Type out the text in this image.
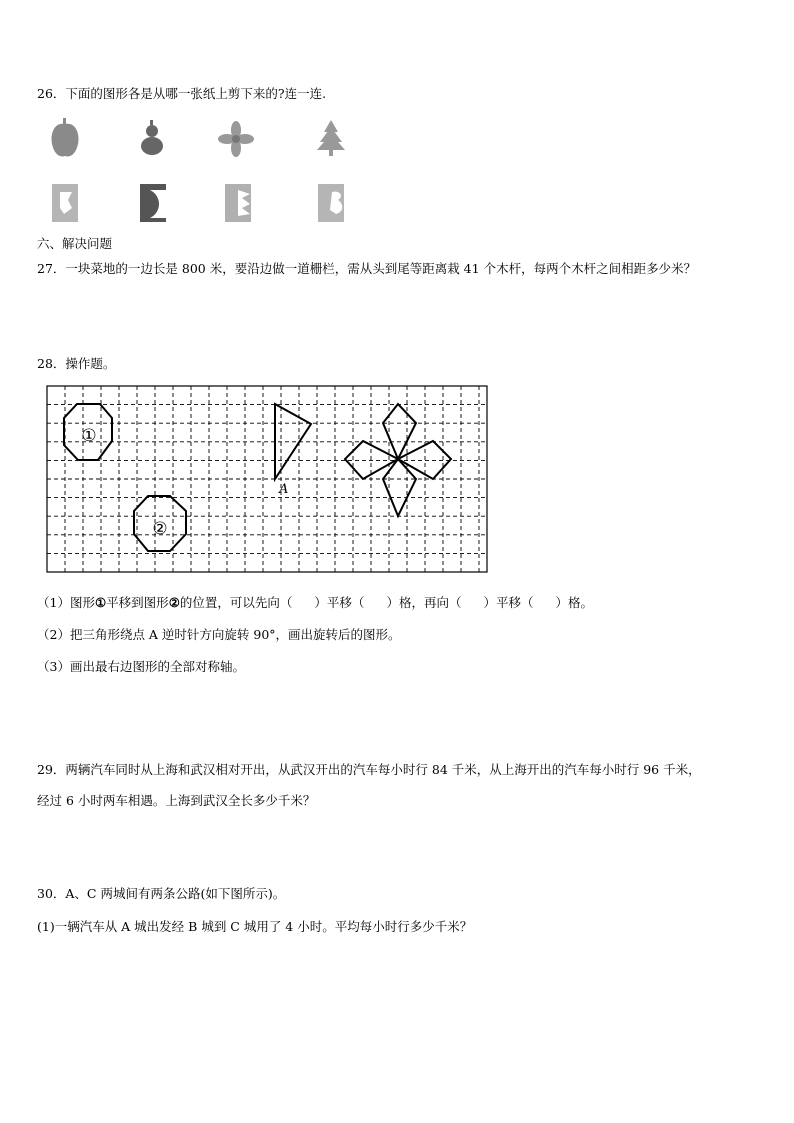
26．下面的图形各是从哪一张纸上剪下来的?连一连.
六、解决问题
27．一块菜地的一边长是 800 米，要沿边做一道栅栏，需从头到尾等距离栽 41 个木杆，每两个木杆之间相距多少米？
28．操作题。
①
②
A
（1）图形①平移到图形②的位置，可以先向（ ）平移（ ）格，再向（ ）平移（ ）格。
（2）把三角形绕点 A 逆时针方向旋转 90°，画出旋转后的图形。
（3）画出最右边图形的全部对称轴。
29．两辆汽车同时从上海和武汉相对开出，从武汉开出的汽车每小时行 84 千米，从上海开出的汽车每小时行 96 千米，
经过 6 小时两车相遇。上海到武汉全长多少千米？
30．A、C 两城间有两条公路(如下图所示)。
(1)一辆汽车从 A 城出发经 B 城到 C 城用了 4 小时。平均每小时行多少千米？
